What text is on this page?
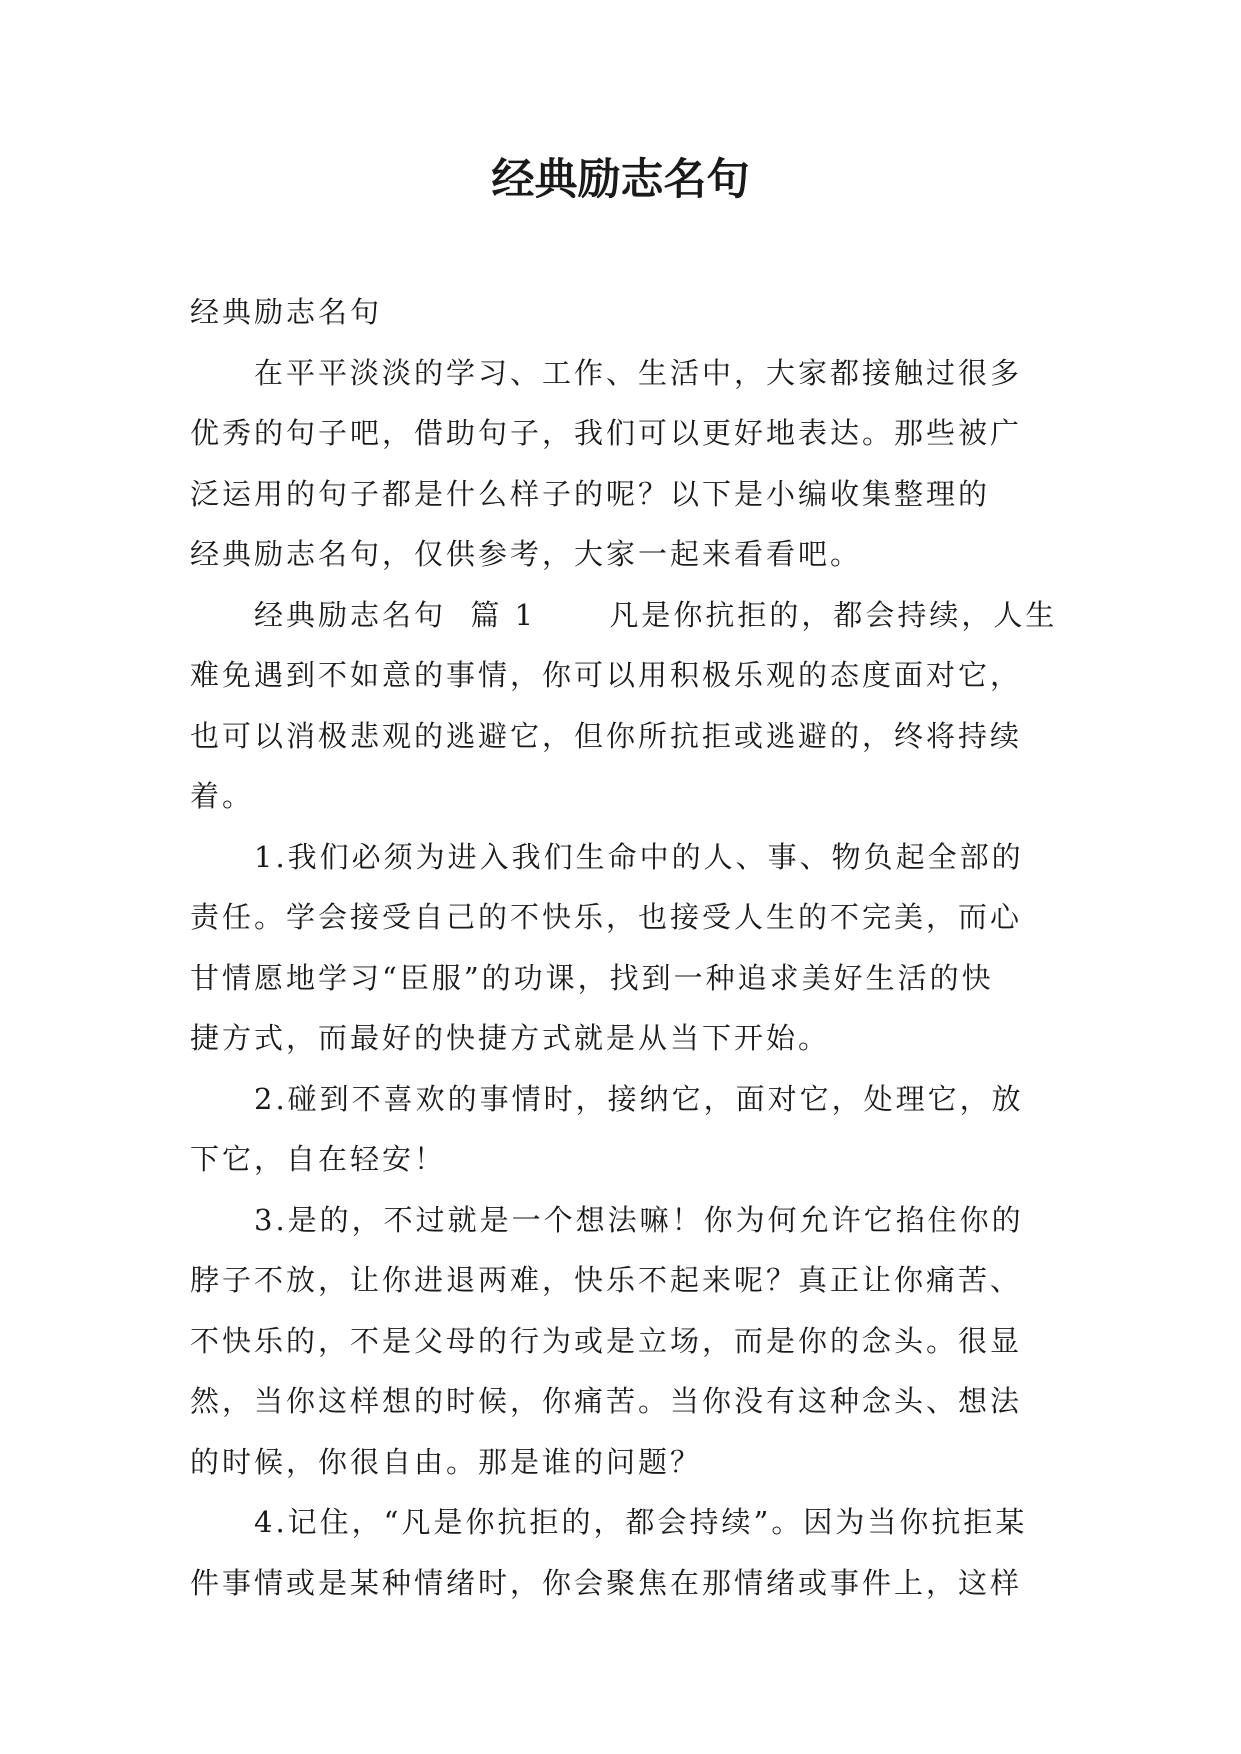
经典励志名句
经典励志名句
在平平淡淡的学习、工作、生活中，大家都接触过很多
优秀的句子吧，借助句子，我们可以更好地表达。那些被广
泛运用的句子都是什么样子的呢？以下是小编收集整理的
经典励志名句，仅供参考，大家一起来看看吧。
经典励志名句  篇 1      凡是你抗拒的，都会持续，人生
难免遇到不如意的事情，你可以用积极乐观的态度面对它，
也可以消极悲观的逃避它，但你所抗拒或逃避的，终将持续
着。
1.我们必须为进入我们生命中的人、事、物负起全部的
责任。学会接受自己的不快乐，也接受人生的不完美，而心
甘情愿地学习“臣服”的功课，找到一种追求美好生活的快
捷方式，而最好的快捷方式就是从当下开始。
2.碰到不喜欢的事情时，接纳它，面对它，处理它，放
下它，自在轻安！
3.是的，不过就是一个想法嘛！你为何允许它掐住你的
脖子不放，让你进退两难，快乐不起来呢？真正让你痛苦、
不快乐的，不是父母的行为或是立场，而是你的念头。很显
然，当你这样想的时候，你痛苦。当你没有这种念头、想法
的时候，你很自由。那是谁的问题？
4.记住，“凡是你抗拒的，都会持续”。因为当你抗拒某
件事情或是某种情绪时，你会聚焦在那情绪或事件上，这样
